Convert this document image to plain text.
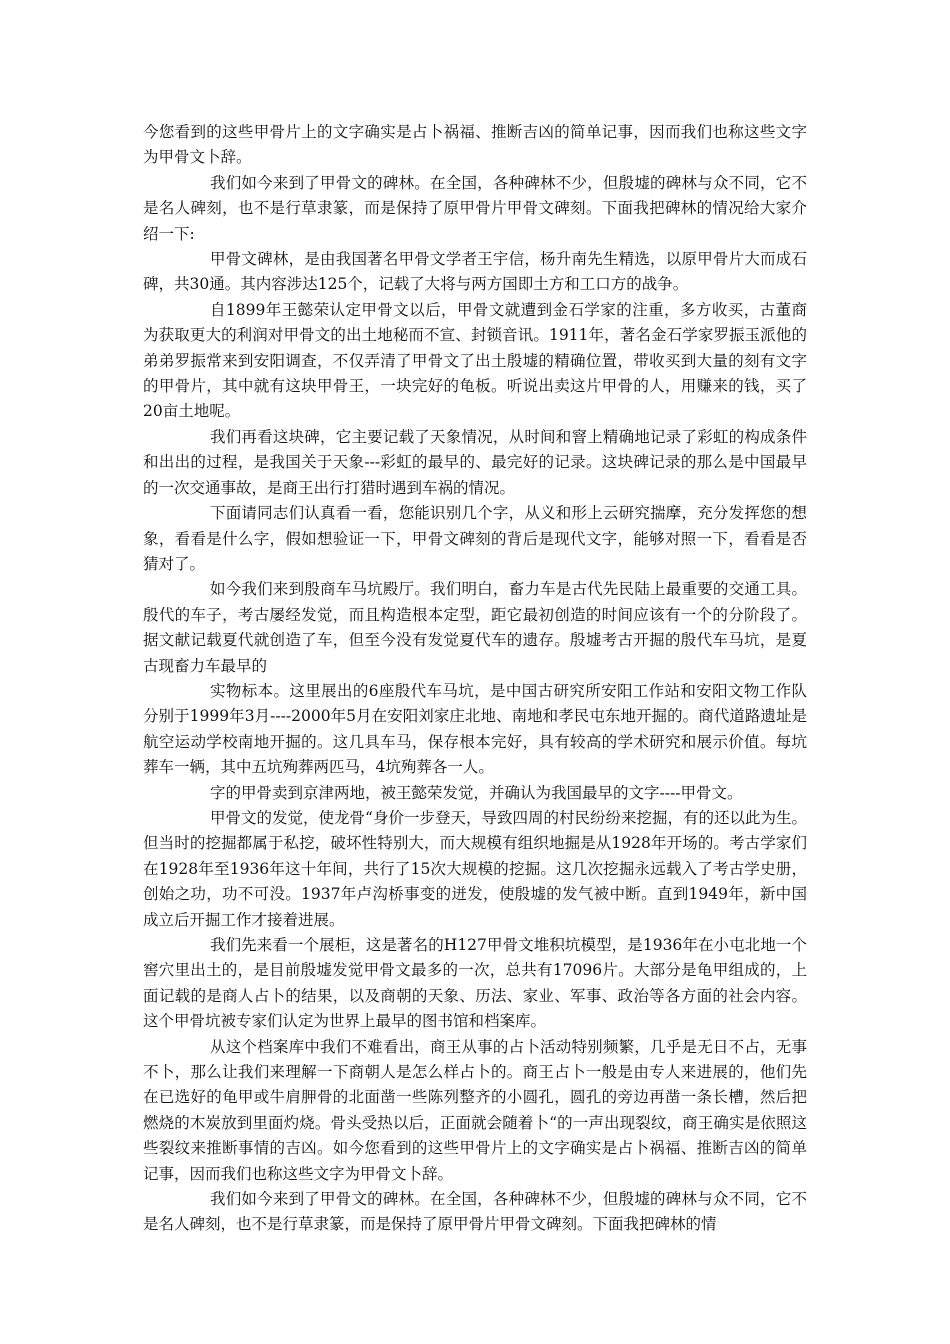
今您看到的这些甲骨片上的文字确实是占卜祸福、推断吉凶的简单记事，因而我们也称这些文字为甲骨文卜辞。

我们如今来到了甲骨文的碑林。在全国，各种碑林不少，但殷墟的碑林与众不同，它不是名人碑刻，也不是行草隶篆，而是保持了原甲骨片甲骨文碑刻。下面我把碑林的情况给大家介绍一下:

甲骨文碑林，是由我国著名甲骨文学者王宇信，杨升南先生精选，以原甲骨片大而成石碑，共30通。其内容涉达125个，记载了大将与两方国即土方和工口方的战争。

自1899年王懿荣认定甲骨文以后，甲骨文就遭到金石学家的注重，多方收买，古董商为获取更大的利润对甲骨文的出土地秘而不宣、封锁音讯。1911年，著名金石学家罗振玉派他的弟弟罗振常来到安阳调查，不仅弄清了甲骨文了出土殷墟的精确位置，带收买到大量的刻有文字的甲骨片，其中就有这块甲骨王，一块完好的龟板。听说出卖这片甲骨的人，用赚来的钱，买了20亩土地呢。

我们再看这块碑，它主要记载了天象情况，从时间和窨上精确地记录了彩虹的构成条件和出出的过程，是我国关于天象---彩虹的最早的、最完好的记录。这块碑记录的那么是中国最早的一次交通事故，是商王出行打猎时遇到车祸的情况。

下面请同志们认真看一看，您能识别几个字，从义和形上云研究揣摩，充分发挥您的想象，看看是什么字，假如想验证一下，甲骨文碑刻的背后是现代文字，能够对照一下，看看是否猜对了。

如今我们来到殷商车马坑殿厅。我们明白，畜力车是古代先民陆上最重要的交通工具。殷代的车子，考古屡经发觉，而且构造根本定型，距它最初创造的时间应该有一个的分阶段了。据文献记载夏代就创造了车，但至今没有发觉夏代车的遗存。殷墟考古开掘的殷代车马坑，是夏古现畜力车最早的

实物标本。这里展出的6座殷代车马坑，是中国古研究所安阳工作站和安阳文物工作队分别于1999年3月----2000年5月在安阳刘家庄北地、南地和孝民屯东地开掘的。商代道路遗址是航空运动学校南地开掘的。这几具车马，保存根本完好，具有较高的学术研究和展示价值。每坑葬车一辆，其中五坑殉葬两匹马，4坑殉葬各一人。

字的甲骨卖到京津两地，被王懿荣发觉，并确认为我国最早的文字----甲骨文。

甲骨文的发觉，使龙骨“身价一步登天，导致四周的村民纷纷来挖掘，有的还以此为生。但当时的挖掘都属于私挖，破坏性特别大，而大规模有组织地掘是从1928年开场的。考古学家们在1928年至1936年这十年间，共行了15次大规模的挖掘。这几次挖掘永远载入了考古学史册，创始之功，功不可没。1937年卢沟桥事变的迸发，使殷墟的发气被中断。直到1949年，新中国成立后开掘工作才接着进展。

我们先来看一个展柜，这是著名的H127甲骨文堆积坑模型，是1936年在小屯北地一个窖穴里出土的，是目前殷墟发觉甲骨文最多的一次，总共有17096片。大部分是龟甲组成的，上面记载的是商人占卜的结果，以及商朝的天象、历法、家业、军事、政治等各方面的社会内容。这个甲骨坑被专家们认定为世界上最早的图书馆和档案库。

从这个档案库中我们不难看出，商王从事的占卜活动特别频繁，几乎是无日不占，无事不卜，那么让我们来理解一下商朝人是怎么样占卜的。商王占卜一般是由专人来进展的，他们先在已选好的龟甲或牛肩胛骨的北面凿一些陈列整齐的小圆孔，圆孔的旁边再凿一条长槽，然后把燃烧的木炭放到里面灼烧。骨头受热以后，正面就会随着卜“的一声出现裂纹，商王确实是依照这些裂纹来推断事情的吉凶。如今您看到的这些甲骨片上的文字确实是占卜祸福、推断吉凶的简单记事，因而我们也称这些文字为甲骨文卜辞。

我们如今来到了甲骨文的碑林。在全国，各种碑林不少，但殷墟的碑林与众不同，它不是名人碑刻，也不是行草隶篆，而是保持了原甲骨片甲骨文碑刻。下面我把碑林的情
